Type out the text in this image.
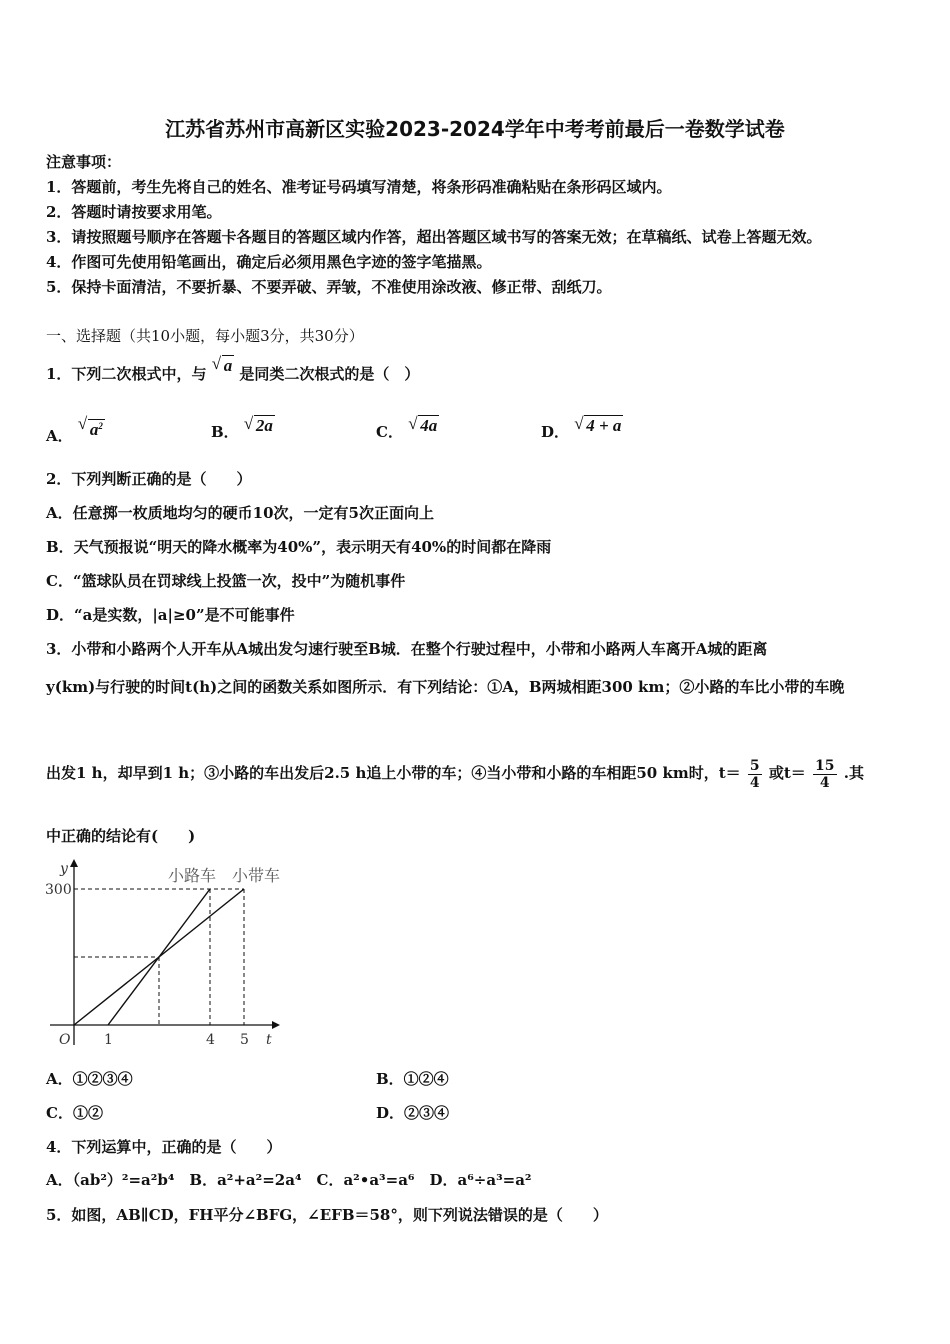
江苏省苏州市高新区实验2023-2024学年中考考前最后一卷数学试卷
注意事项：
1．答题前，考生先将自己的姓名、准考证号码填写清楚，将条形码准确粘贴在条形码区域内。
2．答题时请按要求用笔。
3．请按照题号顺序在答题卡各题目的答题区域内作答，超出答题区域书写的答案无效；在草稿纸、试卷上答题无效。
4．作图可先使用铅笔画出，确定后必须用黑色字迹的签字笔描黑。
5．保持卡面清洁，不要折暴、不要弄破、弄皱，不准使用涂改液、修正带、刮纸刀。
一、选择题（共10小题，每小题3分，共30分）
1．下列二次根式中，与
√ a 是同类二次根式的是（　）
A．
√ $a^2$	B． √ 2a	C． √ 4a	D． √ 4 + a
2．下列判断正确的是（　　）
A．任意掷一枚质地均匀的硬币10次，一定有5次正面向上
B．天气预报说“明天的降水概率为40%”，表示明天有40%的时间都在降雨
C．“篮球队员在罚球线上投篮一次，投中”为随机事件
D．“a是实数，|a|≥0”是不可能事件
3．小带和小路两个人开车从A城出发匀速行驶至B城．在整个行驶过程中，小带和小路两人车离开A城的距离
y(km)与行驶的时间t(h)之间的函数关系如图所示．有下列结论：①A，B两城相距300 km；②小路的车比小带的车晚
出发1 h，却早到1 h；③小路的车出发后2.5 h追上小带的车；④当小带和小路的车相距50 km时，$t= \frac{5}{4}$ 或$t= \frac{15}{4}$ .其
中正确的结论有(　　)
小路车 小带车
1	4 5
300
O	t
y
A．①②③④	B．①②④
C．①②	D．②③④
4．下列运算中，正确的是（　　）
A．（ab²）²=a²b⁴　B．a²+a²=2a⁴　C．a²•a³=a⁶　D．a⁶÷a³=a²
5．如图，AB∥CD，FH平分∠BFG，∠EFB＝58°，则下列说法错误的是（　　）
